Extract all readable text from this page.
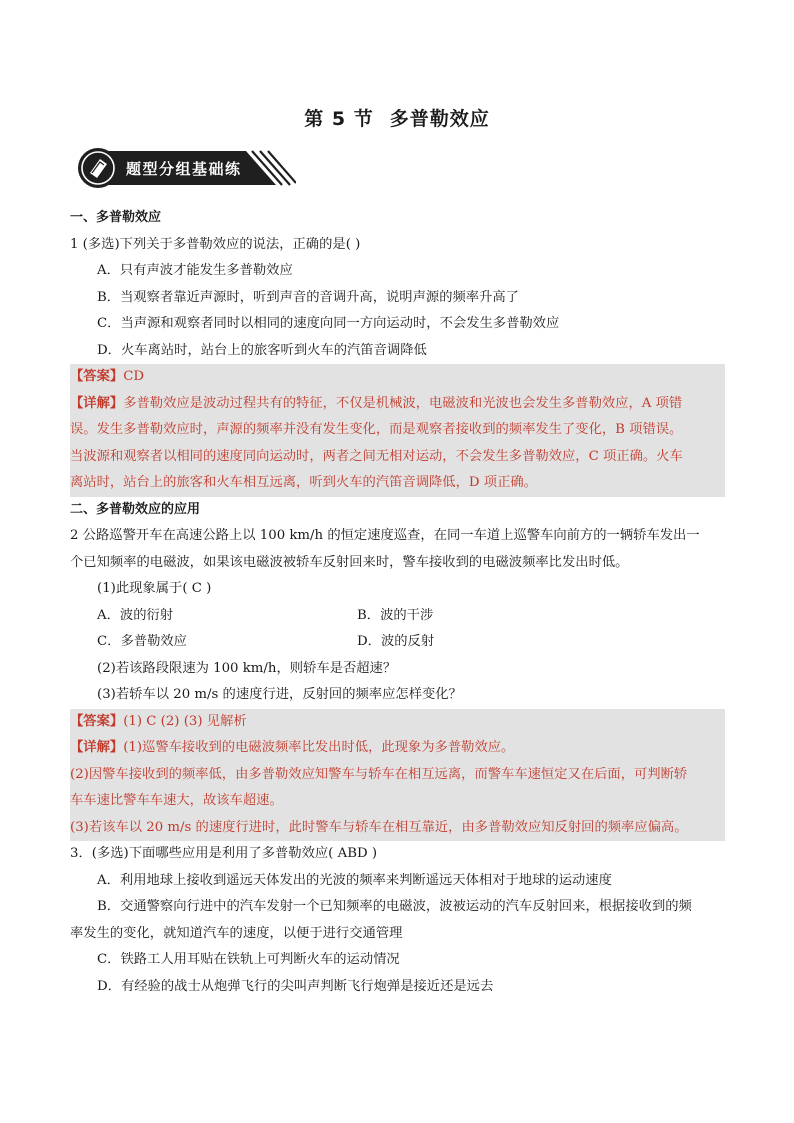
第 5 节 多普勒效应
题型分组基础练
一、多普勒效应
1 (多选)下列关于多普勒效应的说法，正确的是( )
A．只有声波才能发生多普勒效应
B．当观察者靠近声源时，听到声音的音调升高，说明声源的频率升高了
C．当声源和观察者同时以相同的速度向同一方向运动时，不会发生多普勒效应
D．火车离站时，站台上的旅客听到火车的汽笛音调降低
【答案】CD
【详解】多普勒效应是波动过程共有的特征，不仅是机械波，电磁波和光波也会发生多普勒效应，A 项错
误。发生多普勒效应时，声源的频率并没有发生变化，而是观察者接收到的频率发生了变化，B 项错误。
当波源和观察者以相同的速度同向运动时，两者之间无相对运动，不会发生多普勒效应，C 项正确。火车
离站时，站台上的旅客和火车相互远离，听到火车的汽笛音调降低，D 项正确。
二、多普勒效应的应用
2 公路巡警开车在高速公路上以 100 km/h 的恒定速度巡查，在同一车道上巡警车向前方的一辆轿车发出一
个已知频率的电磁波，如果该电磁波被轿车反射回来时，警车接收到的电磁波频率比发出时低。
(1)此现象属于( C )
A．波的衍射	B．波的干涉
C．多普勒效应	D．波的反射
(2)若该路段限速为 100 km/h，则轿车是否超速？
(3)若轿车以 20 m/s 的速度行进，反射回的频率应怎样变化？
【答案】(1) C (2) (3) 见解析
【详解】(1)巡警车接收到的电磁波频率比发出时低，此现象为多普勒效应。
(2)因警车接收到的频率低，由多普勒效应知警车与轿车在相互远离，而警车车速恒定又在后面，可判断轿
车车速比警车车速大，故该车超速。
(3)若该车以 20 m/s 的速度行进时，此时警车与轿车在相互靠近，由多普勒效应知反射回的频率应偏高。
3．(多选)下面哪些应用是利用了多普勒效应( ABD )
A．利用地球上接收到遥远天体发出的光波的频率来判断遥远天体相对于地球的运动速度
B．交通警察向行进中的汽车发射一个已知频率的电磁波，波被运动的汽车反射回来，根据接收到的频
率发生的变化，就知道汽车的速度，以便于进行交通管理
C．铁路工人用耳贴在铁轨上可判断火车的运动情况
D．有经验的战士从炮弹飞行的尖叫声判断飞行炮弹是接近还是远去
